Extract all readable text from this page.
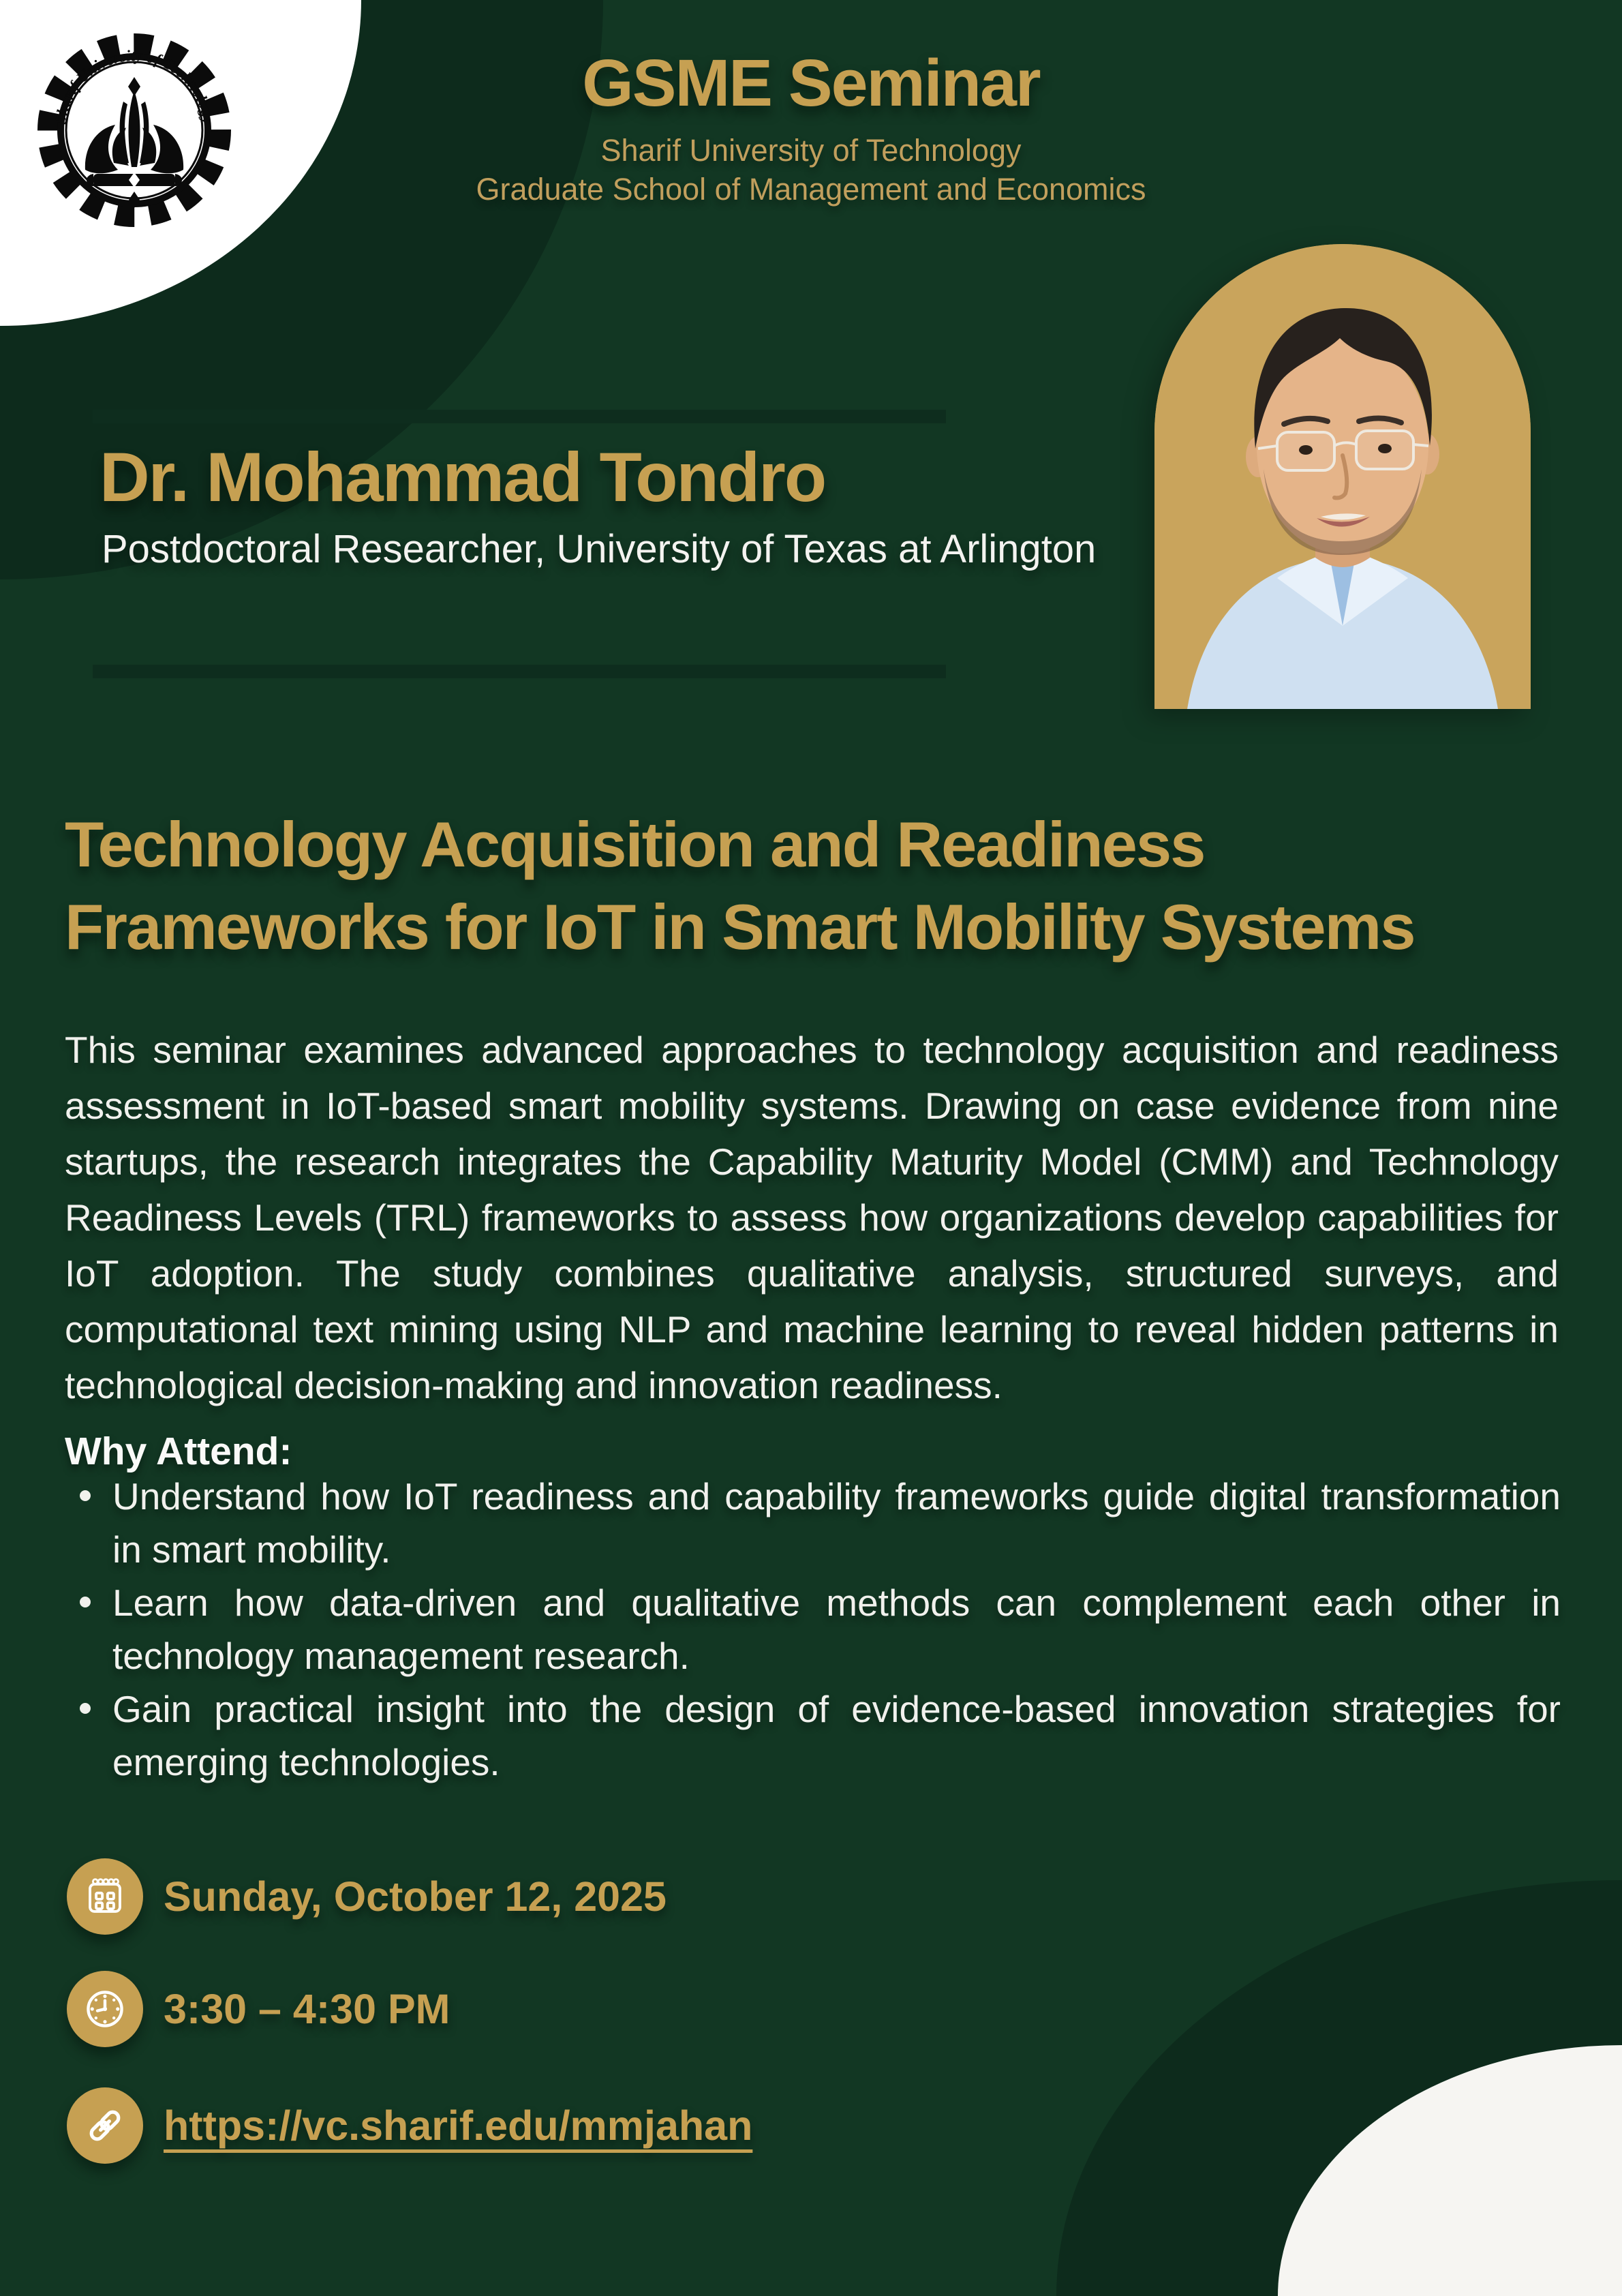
Sharif University of Technology
GSME Seminar
Sharif University of Technology
Graduate School of Management and Economics
Dr. Mohammad Tondro
Postdoctoral Researcher, University of Texas at Arlington
Technology Acquisition and Readiness Frameworks for IoT in Smart Mobility Systems

This seminar examines advanced approaches to technology acquisition and readiness assessment in IoT-based smart mobility systems. Drawing on case evidence from nine startups, the research integrates the Capability Maturity Model (CMM) and Technology Readiness Levels (TRL) frameworks to assess how organizations develop capabilities for IoT adoption. The study combines qualitative analysis, structured surveys, and computational text mining using NLP and machine learning to reveal hidden patterns in technological decision-making and innovation readiness.

Why Attend:
Understand how IoT readiness and capability frameworks guide digital transformation in smart mobility.
Learn how data-driven and qualitative methods can complement each other in technology management research.
Gain practical insight into the design of evidence-based innovation strategies for emerging technologies.
Sunday, October 12, 2025
3:30 – 4:30 PM
https://vc.sharif.edu/mmjahan
